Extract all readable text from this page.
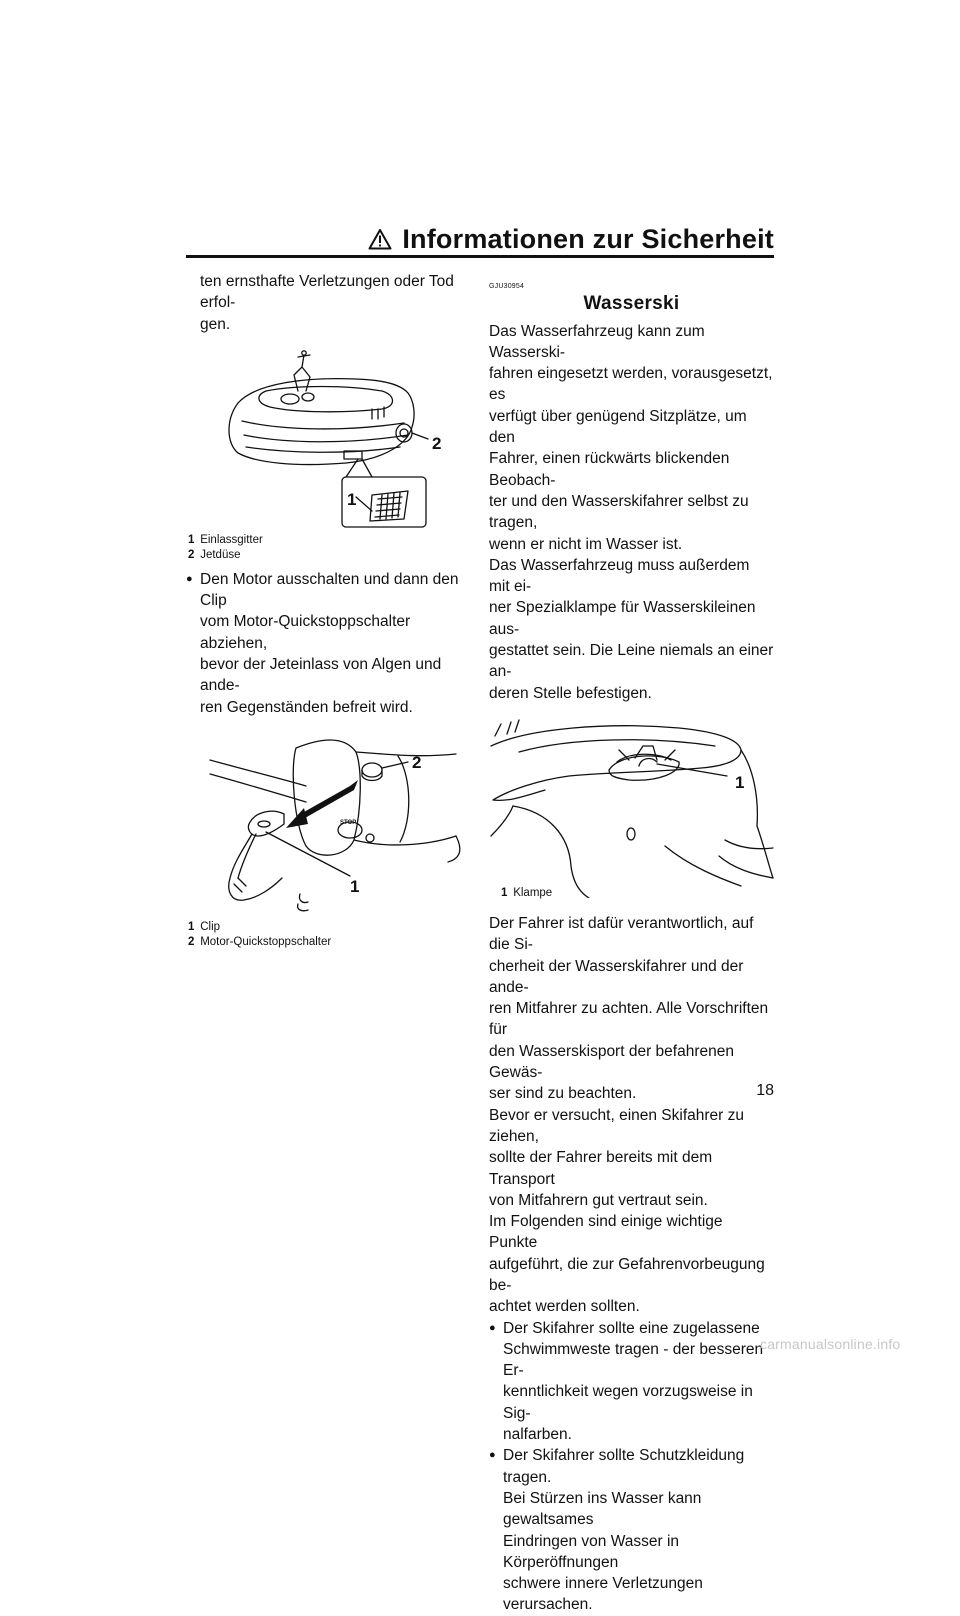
Informationen zur Sicherheit

ten ernsthafte Verletzungen oder Tod erfol-
gen.

2
1
1 Einlassgitter
2 Jetdüse
● Den Motor ausschalten und dann den Clip
vom Motor-Quickstoppschalter abziehen,
bevor der Jeteinlass von Algen und ande-
ren Gegenständen befreit wird.
STOP
2
1
1 Clip
2 Motor-Quickstoppschalter
GJU30954
Wasserski

Das Wasserfahrzeug kann zum Wasserski-
fahren eingesetzt werden, vorausgesetzt, es
verfügt über genügend Sitzplätze, um den
Fahrer, einen rückwärts blickenden Beobach-
ter und den Wasserskifahrer selbst zu tragen,
wenn er nicht im Wasser ist.

Das Wasserfahrzeug muss außerdem mit ei-
ner Spezialklampe für Wasserskileinen aus-
gestattet sein. Die Leine niemals an einer an-
deren Stelle befestigen.

1
1 Klampe

Der Fahrer ist dafür verantwortlich, auf die Si-
cherheit der Wasserskifahrer und der ande-
ren Mitfahrer zu achten. Alle Vorschriften für
den Wasserskisport der befahrenen Gewäs-
ser sind zu beachten.

Bevor er versucht, einen Skifahrer zu ziehen,
sollte der Fahrer bereits mit dem Transport
von Mitfahrern gut vertraut sein.

Im Folgenden sind einige wichtige Punkte
aufgeführt, die zur Gefahrenvorbeugung be-
achtet werden sollten.

● Der Skifahrer sollte eine zugelassene
Schwimmweste tragen - der besseren Er-
kenntlichkeit wegen vorzugsweise in Sig-
nalfarben.
● Der Skifahrer sollte Schutzkleidung tragen.
Bei Stürzen ins Wasser kann gewaltsames
Eindringen von Wasser in Körperöffnungen
schwere innere Verletzungen verursachen.
18
carmanualsonline.info
